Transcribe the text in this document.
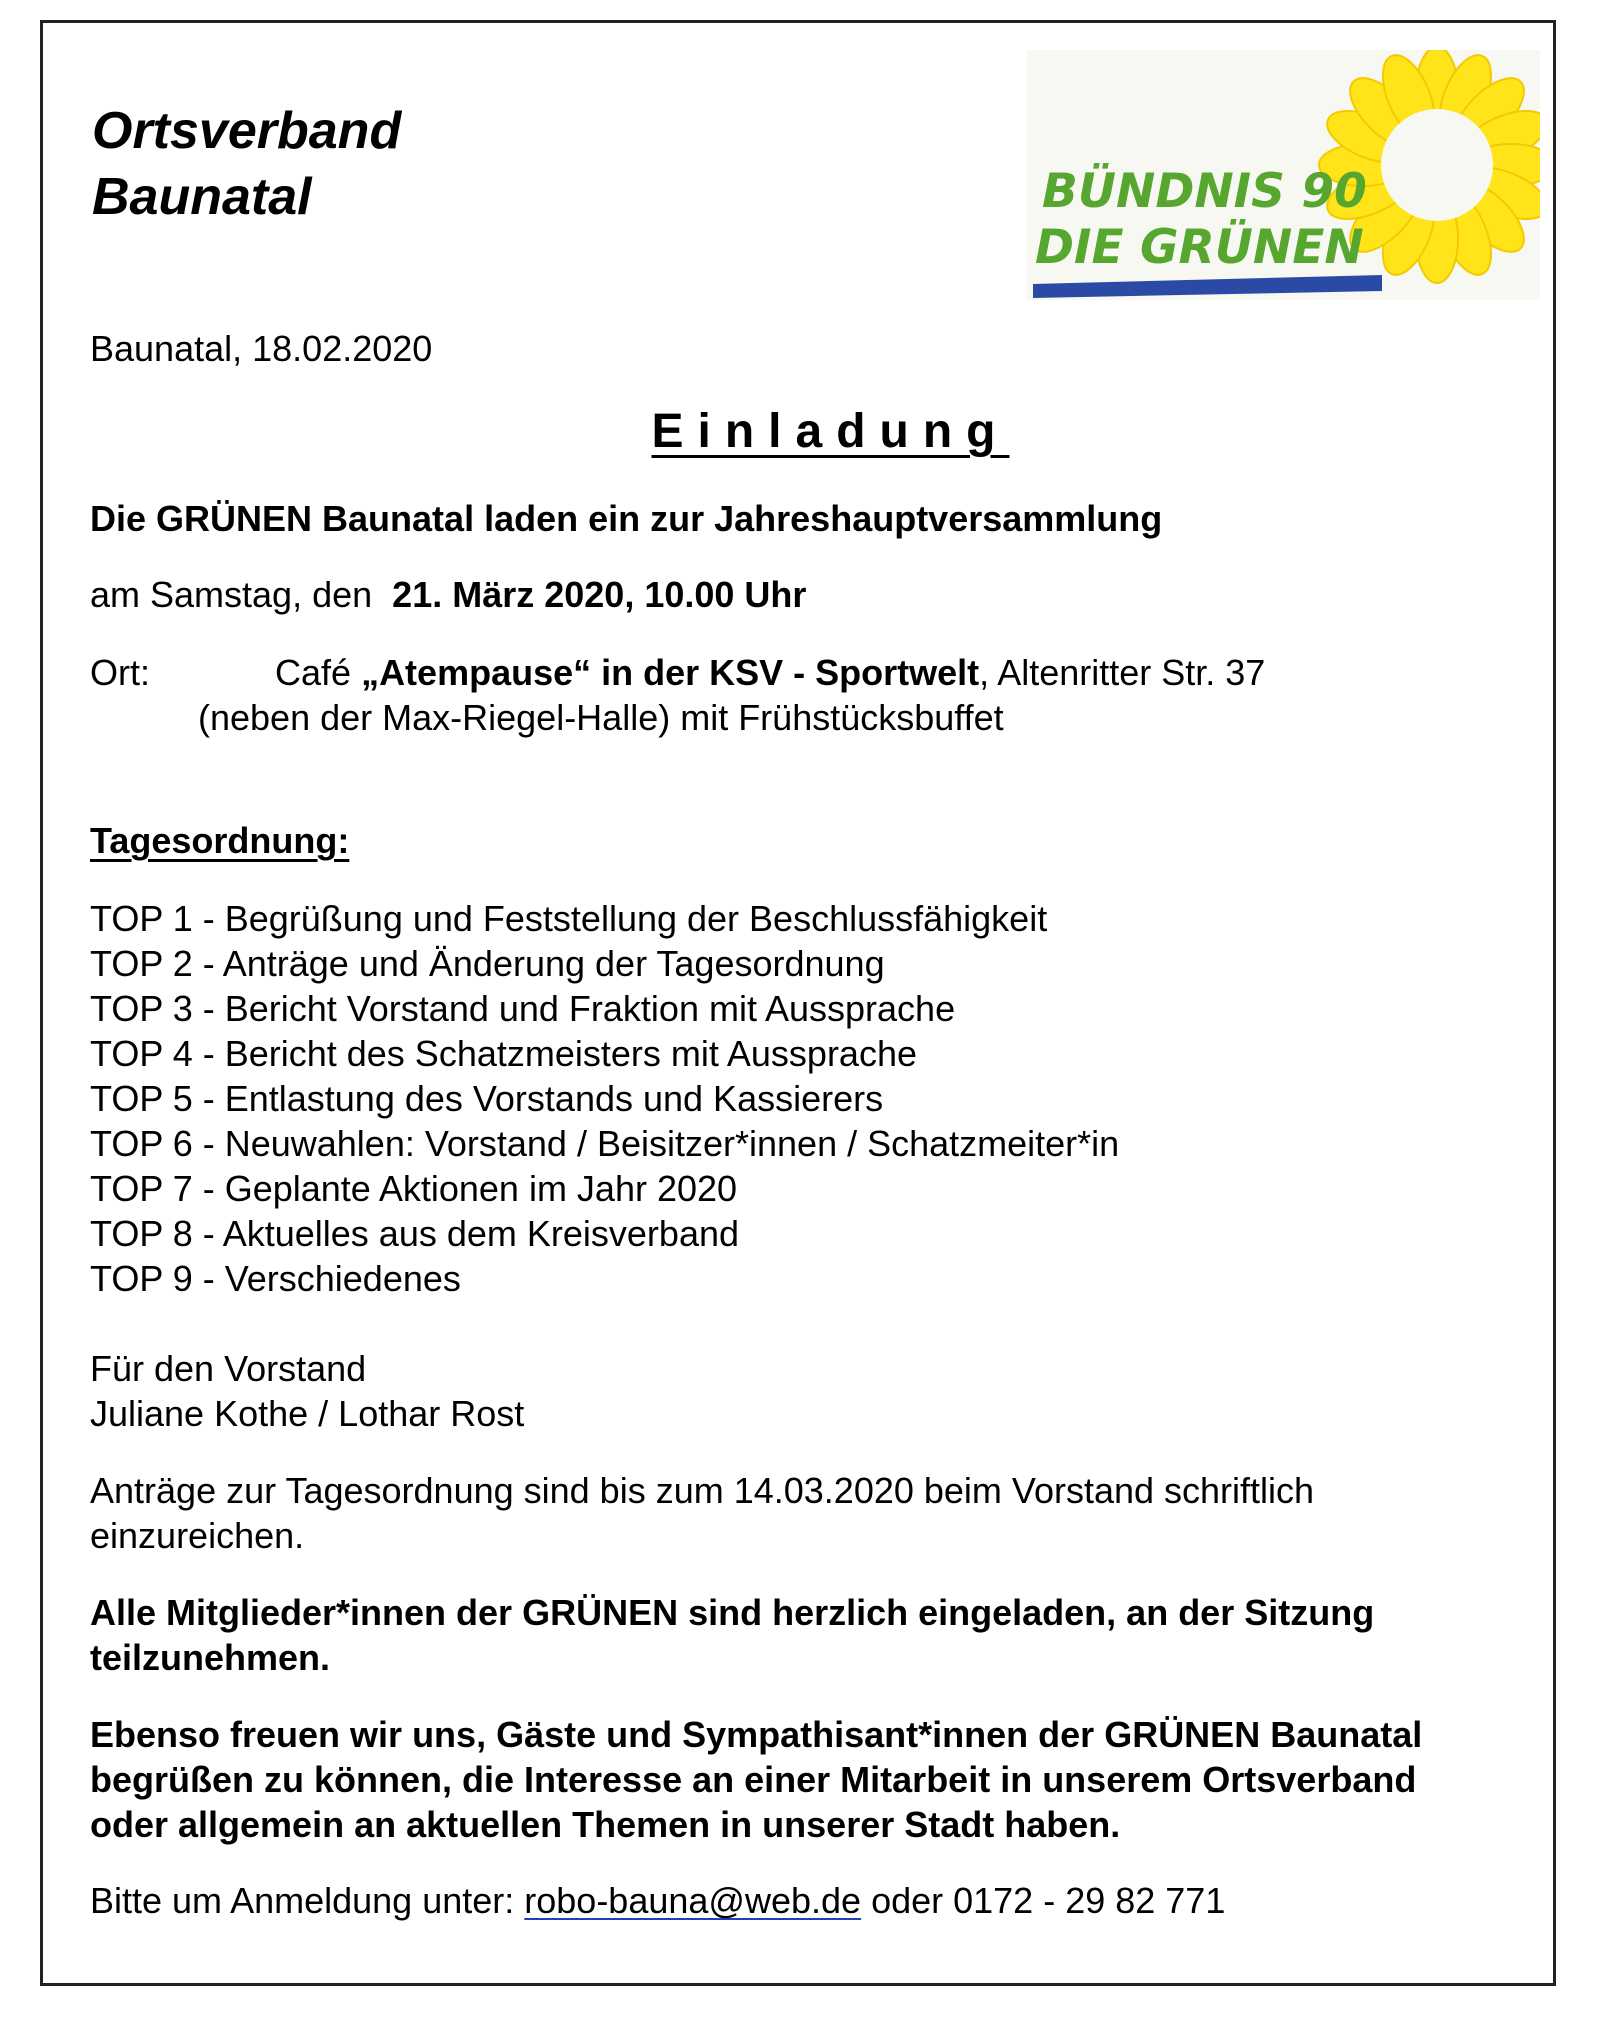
Ortsverband
Baunatal	BÜNDNIS 90
DIE GRÜNEN
Baunatal, 18.02.2020
Einladung
Die GRÜNEN Baunatal laden ein zur Jahreshauptversammlung
am Samstag, den 21. März 2020, 10.00 Uhr
Ort:	Café „Atempause“ in der KSV - Sportwelt, Altenritter Str. 37
(neben der Max-Riegel-Halle) mit Frühstücksbuffet
Tagesordnung:
TOP 1 - Begrüßung und Feststellung der Beschlussfähigkeit
TOP 2 - Anträge und Änderung der Tagesordnung
TOP 3 - Bericht Vorstand und Fraktion mit Aussprache
TOP 4 - Bericht des Schatzmeisters mit Aussprache
TOP 5 - Entlastung des Vorstands und Kassierers
TOP 6 - Neuwahlen: Vorstand / Beisitzer*innen / Schatzmeiter*in
TOP 7 - Geplante Aktionen im Jahr 2020
TOP 8 - Aktuelles aus dem Kreisverband
TOP 9 - Verschiedenes
Für den Vorstand
Juliane Kothe / Lothar Rost
Anträge zur Tagesordnung sind bis zum 14.03.2020 beim Vorstand schriftlich
einzureichen.
Alle Mitglieder*innen der GRÜNEN sind herzlich eingeladen, an der Sitzung
teilzunehmen.
Ebenso freuen wir uns, Gäste und Sympathisant*innen der GRÜNEN Baunatal
begrüßen zu können, die Interesse an einer Mitarbeit in unserem Ortsverband
oder allgemein an aktuellen Themen in unserer Stadt haben.
Bitte um Anmeldung unter: robo-bauna@web.de oder 0172 - 29 82 771
